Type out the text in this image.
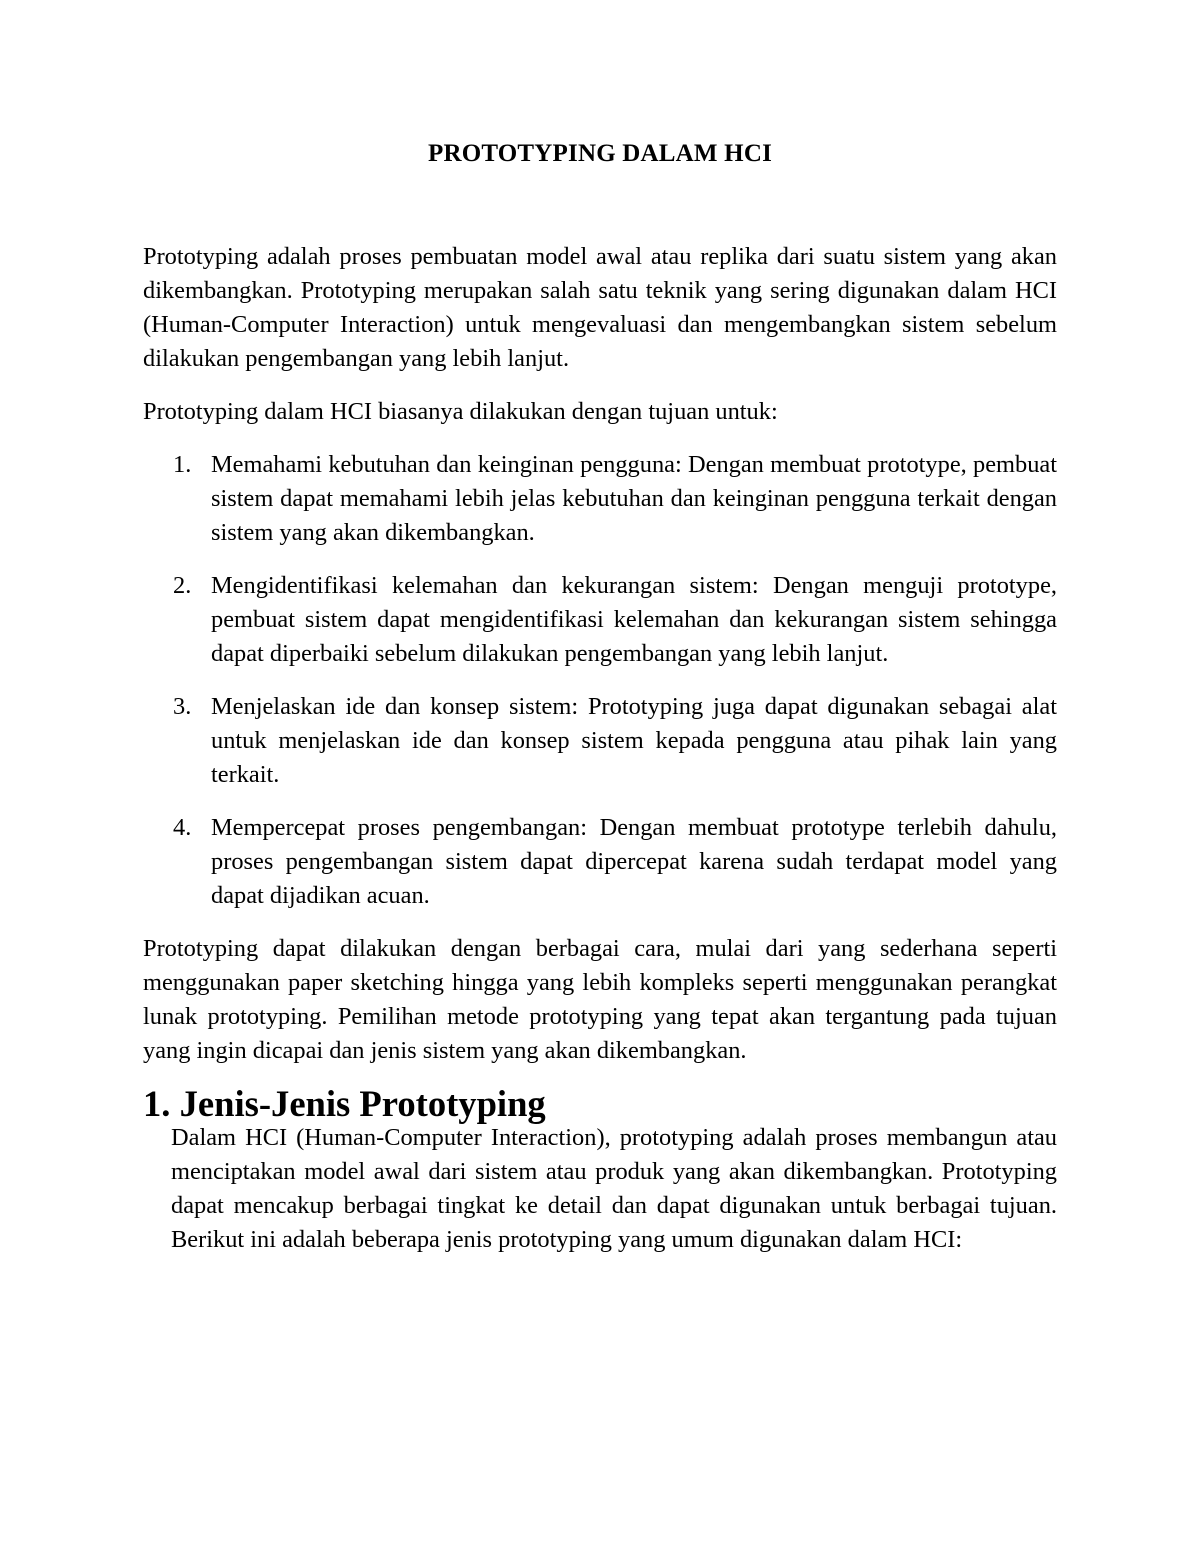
PROTOTYPING DALAM HCI

Prototyping adalah proses pembuatan model awal atau replika dari suatu sistem yang akan dikembangkan. Prototyping merupakan salah satu teknik yang sering digunakan dalam HCI (Human-Computer Interaction) untuk mengevaluasi dan mengembangkan sistem sebelum dilakukan pengembangan yang lebih lanjut.

Prototyping dalam HCI biasanya dilakukan dengan tujuan untuk:

1. Memahami kebutuhan dan keinginan pengguna: Dengan membuat prototype, pembuat sistem dapat memahami lebih jelas kebutuhan dan keinginan pengguna terkait dengan sistem yang akan dikembangkan.
2. Mengidentifikasi kelemahan dan kekurangan sistem: Dengan menguji prototype, pembuat sistem dapat mengidentifikasi kelemahan dan kekurangan sistem sehingga dapat diperbaiki sebelum dilakukan pengembangan yang lebih lanjut.
3. Menjelaskan ide dan konsep sistem: Prototyping juga dapat digunakan sebagai alat untuk menjelaskan ide dan konsep sistem kepada pengguna atau pihak lain yang terkait.
4. Mempercepat proses pengembangan: Dengan membuat prototype terlebih dahulu, proses pengembangan sistem dapat dipercepat karena sudah terdapat model yang dapat dijadikan acuan.

Prototyping dapat dilakukan dengan berbagai cara, mulai dari yang sederhana seperti menggunakan paper sketching hingga yang lebih kompleks seperti menggunakan perangkat lunak prototyping. Pemilihan metode prototyping yang tepat akan tergantung pada tujuan yang ingin dicapai dan jenis sistem yang akan dikembangkan.

1. Jenis-Jenis Prototyping

Dalam HCI (Human-Computer Interaction), prototyping adalah proses membangun atau menciptakan model awal dari sistem atau produk yang akan dikembangkan. Prototyping dapat mencakup berbagai tingkat ke detail dan dapat digunakan untuk berbagai tujuan. Berikut ini adalah beberapa jenis prototyping yang umum digunakan dalam HCI:
